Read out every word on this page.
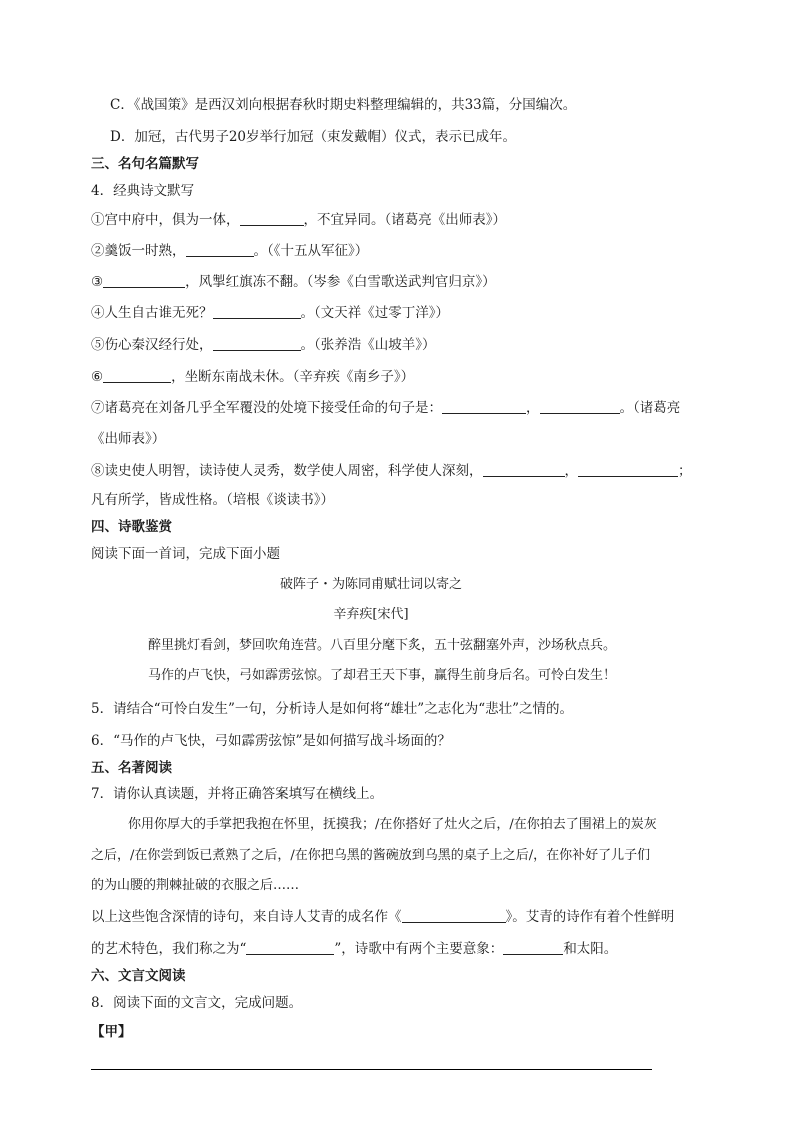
C．《战国策》是西汉刘向根据春秋时期史料整理编辑的，共33篇，分国编次。
D．加冠，古代男子20岁举行加冠（束发戴帽）仪式，表示已成年。
三、名句名篇默写
4．经典诗文默写
①宫中府中，俱为一体，	，不宜异同。（诸葛亮《出师表》）
②羹饭一时熟，	。（《十五从军征》）
③	，风掣红旗冻不翻。（岑参《白雪歌送武判官归京》）
④人生自古谁无死？	。（文天祥《过零丁洋》）
⑤伤心秦汉经行处，	。（张养浩《山坡羊》）
⑥	，坐断东南战未休。（辛弃疾《南乡子》）
⑦诸葛亮在刘备几乎全军覆没的处境下接受任命的句子是：	，	。（诸葛亮
《出师表》）
⑧读史使人明智，读诗使人灵秀，数学使人周密，科学使人深刻，	，	；
凡有所学，皆成性格。（培根《谈读书》）
四、诗歌鉴赏
阅读下面一首词，完成下面小题
破阵子・为陈同甫赋壮词以寄之
辛弃疾[宋代]
醉里挑灯看剑，梦回吹角连营。八百里分麾下炙，五十弦翻塞外声，沙场秋点兵。
马作的卢飞快，弓如霹雳弦惊。了却君王天下事，赢得生前身后名。可怜白发生！
5．请结合“可怜白发生”一句，分析诗人是如何将“雄壮”之志化为“悲壮”之情的。
6．“马作的卢飞快，弓如霹雳弦惊”是如何描写战斗场面的？
五、名著阅读
7．请你认真读题，并将正确答案填写在横线上。
你用你厚大的手掌把我抱在怀里，抚摸我；/在你搭好了灶火之后，/在你拍去了围裙上的炭灰
之后，/在你尝到饭已煮熟了之后，/在你把乌黑的酱碗放到乌黑的桌子上之后/，在你补好了儿子们
的为山腰的荆棘扯破的衣服之后……
以上这些饱含深情的诗句，来自诗人艾青的成名作《	》。艾青的诗作有着个性鲜明
的艺术特色，我们称之为“	”，诗歌中有两个主要意象：	和太阳。
六、文言文阅读
8．阅读下面的文言文，完成问题。
【甲】
